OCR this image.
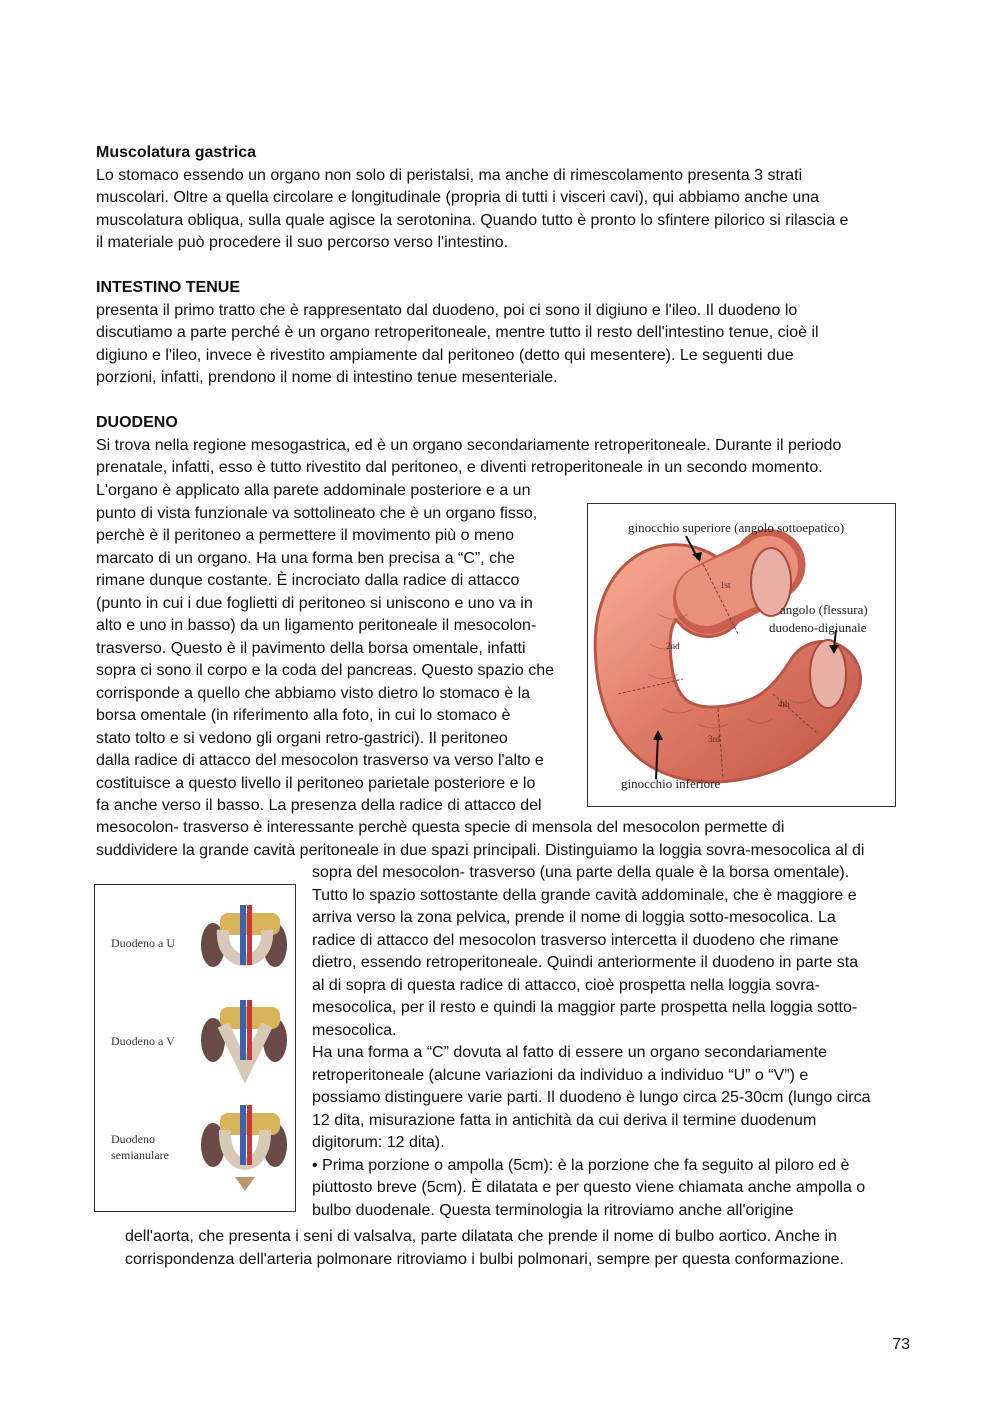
Muscolatura gastrica

Lo stomaco essendo un organo non solo di peristalsi, ma anche di rimescolamento presenta 3 strati

muscolari. Oltre a quella circolare e longitudinale (propria di tutti i visceri cavi), qui abbiamo anche una

muscolatura obliqua, sulla quale agisce la serotonina. Quando tutto è pronto lo sfintere pilorico si rilascia e

il materiale può procedere il suo percorso verso l'intestino.

INTESTINO TENUE

presenta il primo tratto che è rappresentato dal duodeno, poi ci sono il digiuno e l'ileo. Il duodeno lo

discutiamo a parte perché è un organo retroperitoneale, mentre tutto il resto dell'intestino tenue, cioè il

digiuno e l'ileo, invece è rivestito ampiamente dal peritoneo (detto qui mesentere). Le seguenti due

porzioni, infatti, prendono il nome di intestino tenue mesenteriale.

DUODENO

Si trova nella regione mesogastrica, ed è un organo secondariamente retroperitoneale. Durante il periodo

prenatale, infatti, esso è tutto rivestito dal peritoneo, e diventi retroperitoneale in un secondo momento.

L'organo è applicato alla parete addominale posteriore e a un

punto di vista funzionale va sottolineato che è un organo fisso,

perchè è il peritoneo a permettere il movimento più o meno

marcato di un organo. Ha una forma ben precisa a “C”, che

rimane dunque costante. È incrociato dalla radice di attacco

(punto in cui i due foglietti di peritoneo si uniscono e uno va in

alto e uno in basso) da un ligamento peritoneale il mesocolon-

trasverso. Questo è il pavimento della borsa omentale, infatti

sopra ci sono il corpo e la coda del pancreas. Questo spazio che

corrisponde a quello che abbiamo visto dietro lo stomaco è la

borsa omentale (in riferimento alla foto, in cui lo stomaco è

stato tolto e si vedono gli organi retro-gastrici). Il peritoneo

dalla radice di attacco del mesocolon trasverso va verso l'alto e

costituisce a questo livello il peritoneo parietale posteriore e lo

fa anche verso il basso. La presenza della radice di attacco del

1st
2nd
3rd
4th
ginocchio superiore (angolo sottoepatico)
angolo (flessura)
duodeno-digiunale
ginocchio inferiore

mesocolon- trasverso è interessante perchè questa specie di mensola del mesocolon permette di

suddividere la grande cavità peritoneale in due spazi principali. Distinguiamo la loggia sovra-mesocolica al di

Duodeno a U
Duodeno a V
Duodeno
semianulare

sopra del mesocolon- trasverso (una parte della quale è la borsa omentale).

Tutto lo spazio sottostante della grande cavità addominale, che è maggiore e

arriva verso la zona pelvica, prende il nome di loggia sotto-mesocolica. La

radice di attacco del mesocolon trasverso intercetta il duodeno che rimane

dietro, essendo retroperitoneale. Quindi anteriormente il duodeno in parte sta

al di sopra di questa radice di attacco, cioè prospetta nella loggia sovra-

mesocolica, per il resto e quindi la maggior parte prospetta nella loggia sotto-

mesocolica.

Ha una forma a “C” dovuta al fatto di essere un organo secondariamente

retroperitoneale (alcune variazioni da individuo a individuo “U” o “V”) e

possiamo distinguere varie parti. Il duodeno è lungo circa 25-30cm (lungo circa

12 dita, misurazione fatta in antichità da cui deriva il termine duodenum

digitorum: 12 dita).

• Prima porzione o ampolla (5cm): è la porzione che fa seguito al piloro ed è

piuttosto breve (5cm). È dilatata e per questo viene chiamata anche ampolla o

bulbo duodenale. Questa terminologia la ritroviamo anche all'origine

dell'aorta, che presenta i seni di valsalva, parte dilatata che prende il nome di bulbo aortico. Anche in

corrispondenza dell'arteria polmonare ritroviamo i bulbi polmonari, sempre per questa conformazione.

73
